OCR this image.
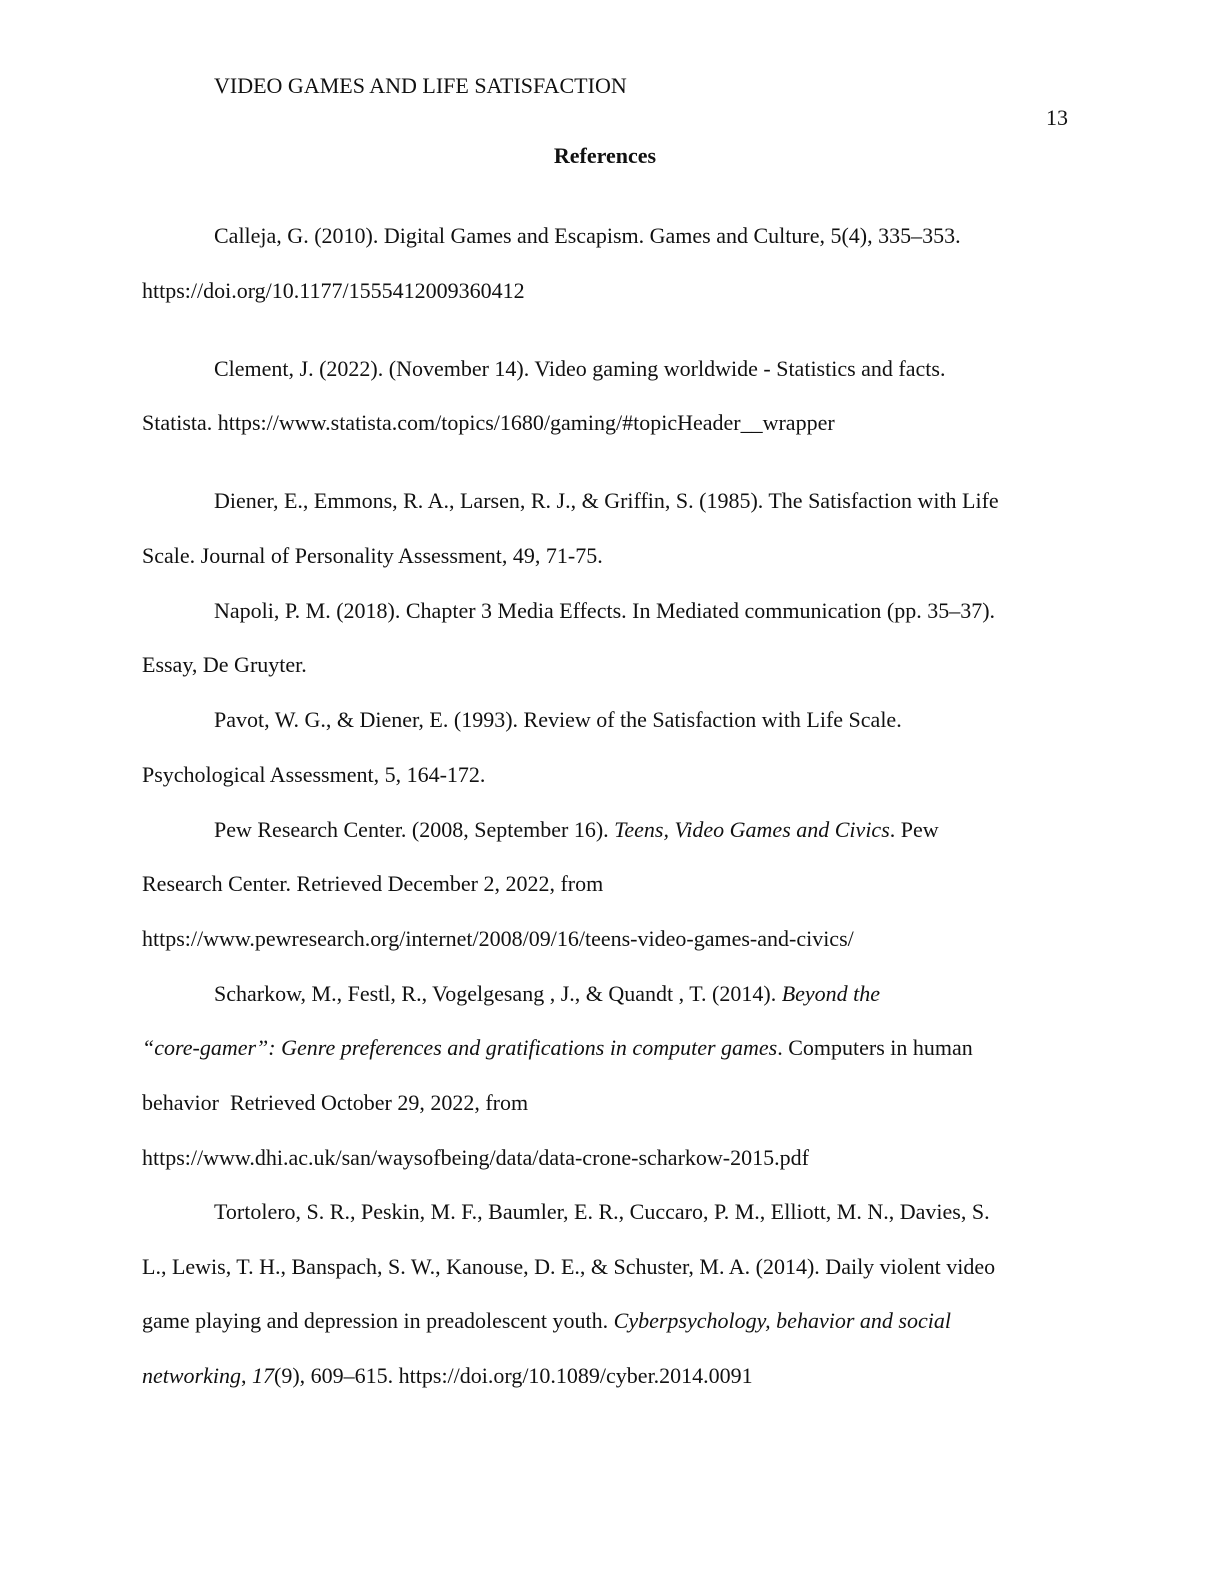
VIDEO GAMES AND LIFE SATISFACTION
13
References
Calleja, G. (2010). Digital Games and Escapism. Games and Culture, 5(4), 335–353.
https://doi.org/10.1177/1555412009360412
Clement, J. (2022). (November 14). Video gaming worldwide - Statistics and facts.
Statista. https://www.statista.com/topics/1680/gaming/#topicHeader__wrapper
Diener, E., Emmons, R. A., Larsen, R. J., & Griffin, S. (1985). The Satisfaction with Life
Scale. Journal of Personality Assessment, 49, 71-75.
Napoli, P. M. (2018). Chapter 3 Media Effects. In Mediated communication (pp. 35–37).
Essay, De Gruyter.
Pavot, W. G., & Diener, E. (1993). Review of the Satisfaction with Life Scale.
Psychological Assessment, 5, 164-172.
Pew Research Center. (2008, September 16). Teens, Video Games and Civics. Pew
Research Center. Retrieved December 2, 2022, from
https://www.pewresearch.org/internet/2008/09/16/teens-video-games-and-civics/
Scharkow, M., Festl, R., Vogelgesang , J., & Quandt , T. (2014). Beyond the
“core-gamer”: Genre preferences and gratifications in computer games. Computers in human
behavior  Retrieved October 29, 2022, from
https://www.dhi.ac.uk/san/waysofbeing/data/data-crone-scharkow-2015.pdf
Tortolero, S. R., Peskin, M. F., Baumler, E. R., Cuccaro, P. M., Elliott, M. N., Davies, S.
L., Lewis, T. H., Banspach, S. W., Kanouse, D. E., & Schuster, M. A. (2014). Daily violent video
game playing and depression in preadolescent youth. Cyberpsychology, behavior and social
networking, 17(9), 609–615. https://doi.org/10.1089/cyber.2014.0091
